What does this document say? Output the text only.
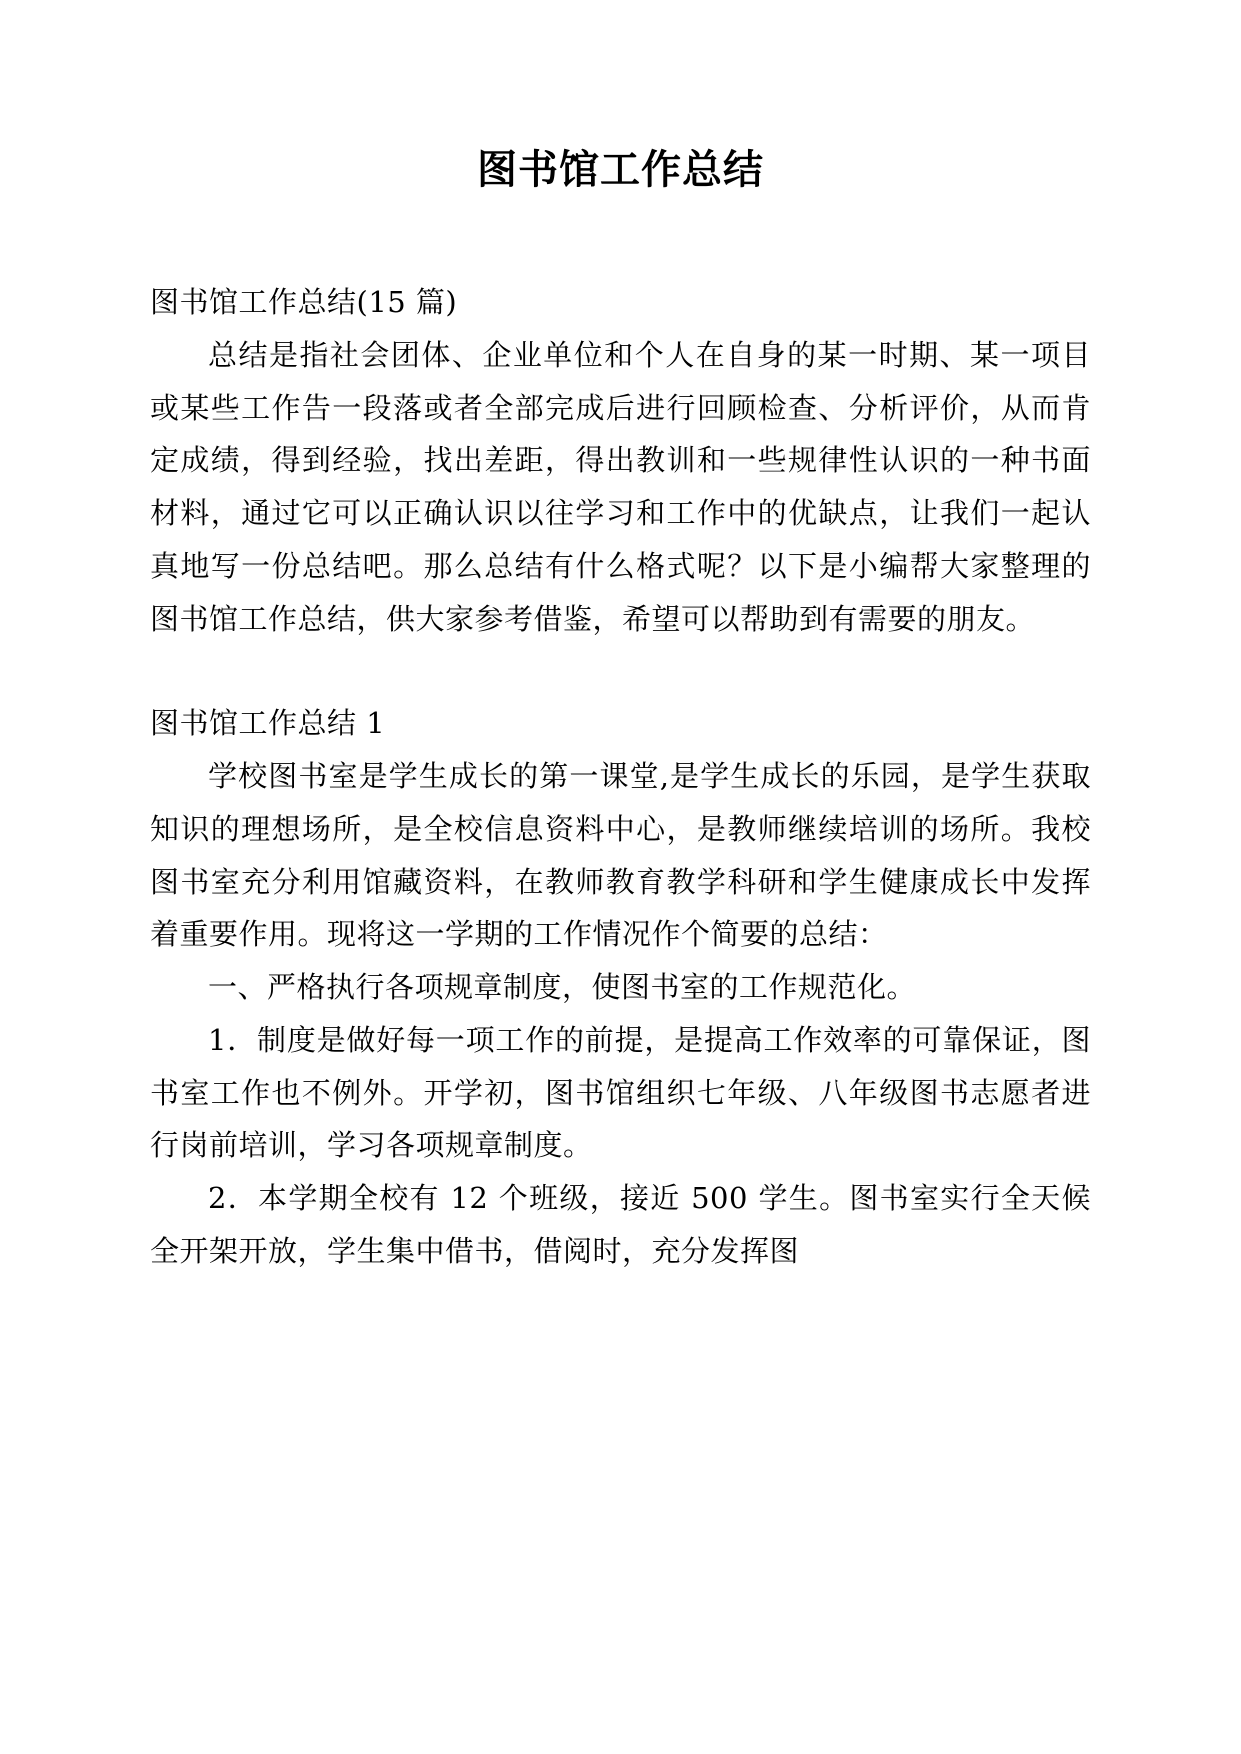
图书馆工作总结

图书馆工作总结(15 篇)

总结是指社会团体、企业单位和个人在自身的某一时期、某一项目或某些工作告一段落或者全部完成后进行回顾检查、分析评价，从而肯定成绩，得到经验，找出差距，得出教训和一些规律性认识的一种书面材料，通过它可以正确认识以往学习和工作中的优缺点，让我们一起认真地写一份总结吧。那么总结有什么格式呢？以下是小编帮大家整理的图书馆工作总结，供大家参考借鉴，希望可以帮助到有需要的朋友。

图书馆工作总结 1

学校图书室是学生成长的第一课堂,是学生成长的乐园，是学生获取知识的理想场所，是全校信息资料中心，是教师继续培训的场所。我校图书室充分利用馆藏资料，在教师教育教学科研和学生健康成长中发挥着重要作用。现将这一学期的工作情况作个简要的总结：

一、严格执行各项规章制度，使图书室的工作规范化。

1．制度是做好每一项工作的前提，是提高工作效率的可靠保证，图书室工作也不例外。开学初，图书馆组织七年级、八年级图书志愿者进行岗前培训，学习各项规章制度。

2．本学期全校有 12 个班级，接近 500 学生。图书室实行全天候全开架开放，学生集中借书，借阅时，充分发挥图
